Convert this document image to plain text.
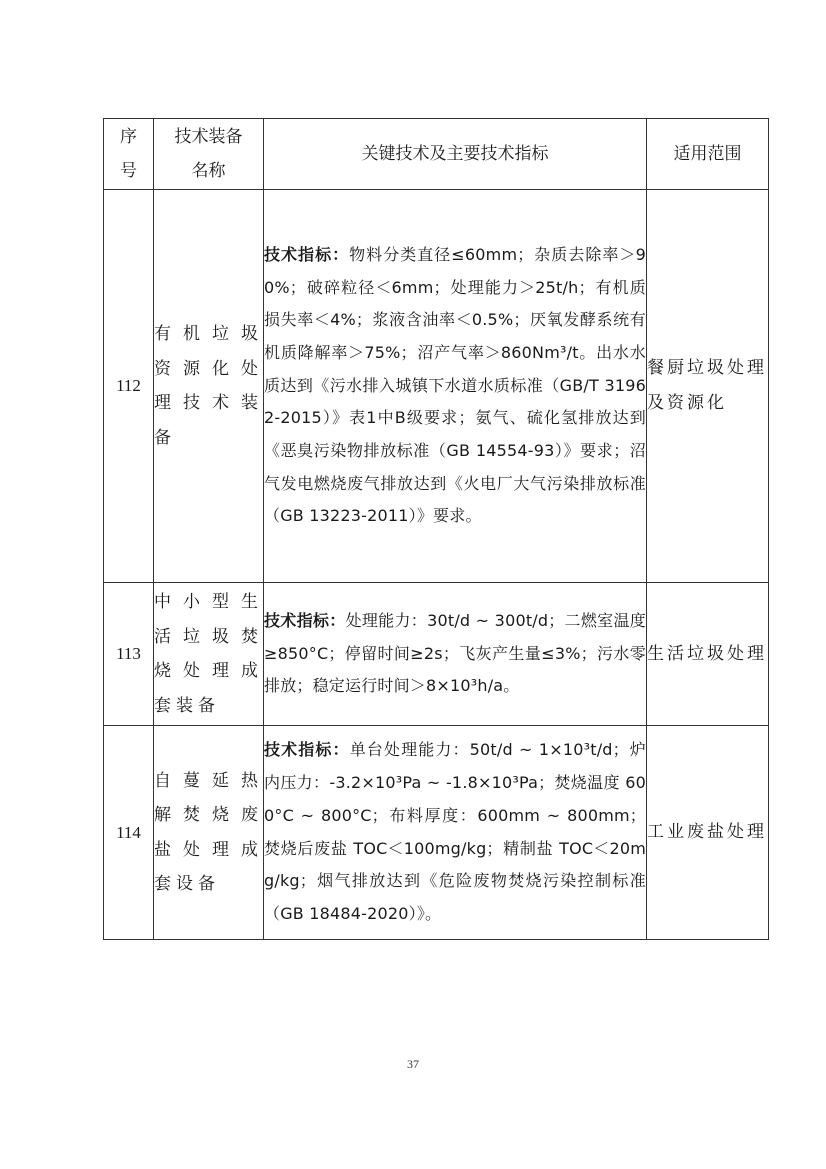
序号	技术装备名称	关键技术及主要技术指标	适用范围
112	有机垃圾资源化处理技术装备	技术指标：物料分类直径≤60mm；杂质去除率＞90%；破碎粒径＜6mm；处理能力＞25t/h；有机质损失率＜4%；浆液含油率＜0.5%；厌氧发酵系统有机质降解率＞75%；沼产气率＞860Nm³/t。出水水质达到《污水排入城镇下水道水质标准（GB/T 31962-2015）》表1中B级要求；氨气、硫化氢排放达到《恶臭污染物排放标准（GB 14554-93）》要求；沼气发电燃烧废气排放达到《火电厂大气污染排放标准（GB 13223-2011）》要求。	餐厨垃圾处理及资源化
113	中小型生活垃圾焚烧处理成套装备	技术指标：处理能力：30t/d ~ 300t/d；二燃室温度≥850°C；停留时间≥2s；飞灰产生量≤3%；污水零排放；稳定运行时间＞8×10³h/a。	生活垃圾处理
114	自蔓延热解焚烧废盐处理成套设备	技术指标：单台处理能力：50t/d ~ 1×10³t/d；炉内压力：-3.2×10³Pa ~ -1.8×10³Pa；焚烧温度 600°C ~ 800°C；布料厚度：600mm ~ 800mm；焚烧后废盐 TOC＜100mg/kg；精制盐 TOC＜20mg/kg；烟气排放达到《危险废物焚烧污染控制标准（GB 18484-2020）》。	工业废盐处理
37
